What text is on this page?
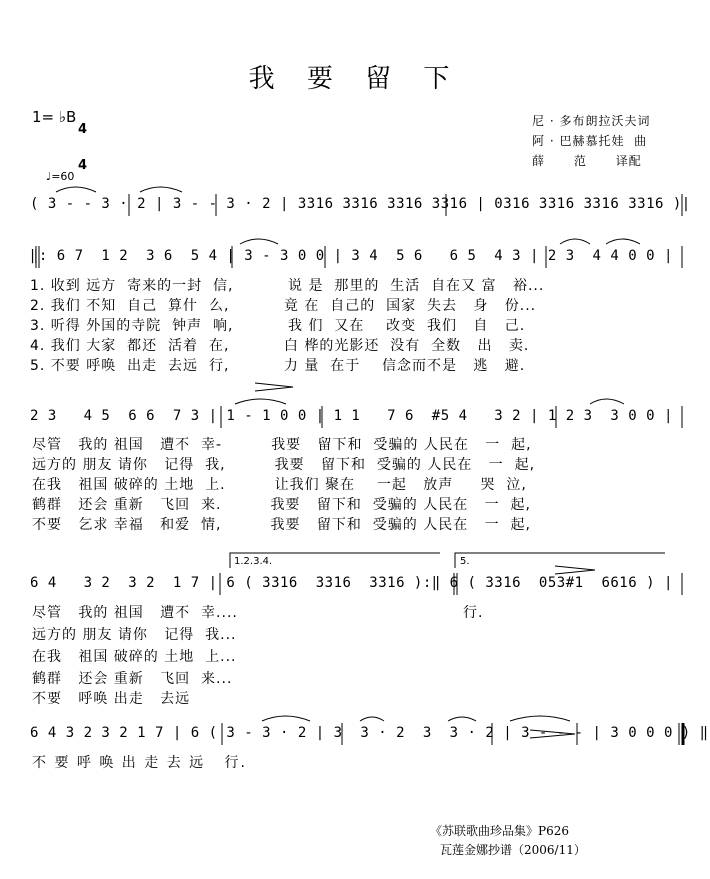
我 要 留 下
1= ♭B

4

4

尼 · 多布朗拉沃夫词
阿 · 巴赫慕托娃  曲
薛      范      译配
♩=60
( 3 - - 3 · 2 | 3 - - 3 · 2 | 3316 3316 3316 3316 | 0316 3316 3316 3316 )|
‖: 6 7  1 2  3 6  5 4 | 3 - 3 0 0 | 3 4  5 6   6 5  4 3 | 2 3  4 4 0 0 |
2 3   4 5  6 6  7 3 | 1 - 1 0 0 | 1 1   7 6  #5 4   3 2 | 1 2 3  3 0 0 |
6 4   3 2  3 2  1 7 | 6 ( 3316  3316  3316 ):‖ 6 ( 3316  053#1  6616 ) |
6 4 3 2 3 2 1 7 | 6 ( 3 - 3 · 2 | 3  3 · 2  3  3 · 2 | 3 - - - | 3 0 0 0 ) ‖
1. 收到 远方  寄来的一封  信,          说 是  那里的  生活  自在又 富   裕...
2. 我们 不知  自己  算什  么,          竟 在  自己的  国家  失去   身   份...
3. 听得 外国的寺院  钟声  响,          我 们  又在    改变  我们   自   己.
4. 我们 大家  都还  活着  在,          白 桦的光影还  没有  全数   出   卖.
5. 不要 呼唤  出走  去远  行,          力 量  在于    信念而不是   逃   避.
尽管   我的 祖国   遭不  幸-         我要   留下和  受骗的 人民在   一  起,
远方的 朋友 请你   记得  我,         我要   留下和  受骗的 人民在   一  起,
在我   祖国 破碎的 土地  上.         让我们 聚在    一起   放声     哭  泣,
鹤群   还会 重新   飞回  来.         我要   留下和  受骗的 人民在   一  起,
不要   乞求 幸福   和爱  情,         我要   留下和  受骗的 人民在   一  起,
1.2.3.4.	5.
尽管   我的 祖国   遭不  幸....
远方的 朋友 请你   记得  我...
在我   祖国 破碎的 土地  上...
鹤群   还会 重新   飞回  来...
不要   呼唤 出走   去远
行.
不 要 呼 唤 出 走 去 远   行.
《苏联歌曲珍品集》P626
瓦莲金娜抄谱（2006/11）
